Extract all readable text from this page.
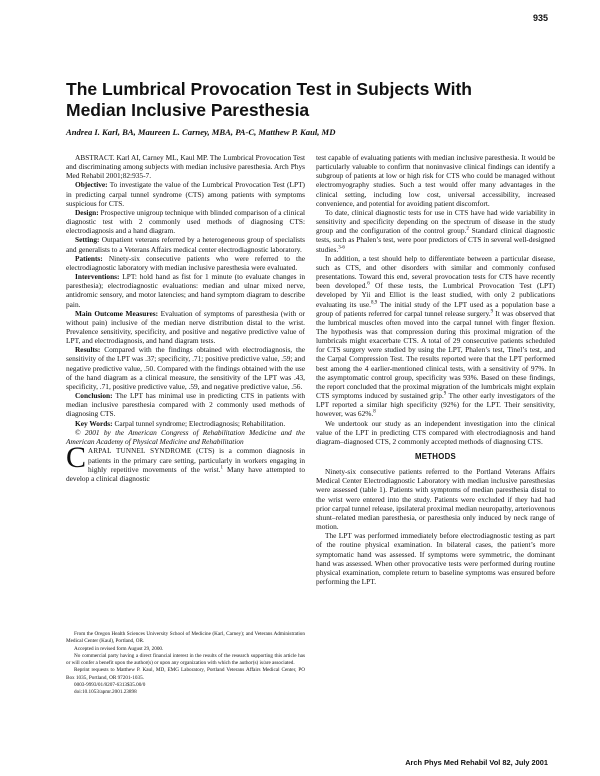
935
The Lumbrical Provocation Test in Subjects With
Median Inclusive Paresthesia
Andrea I. Karl, BA, Maureen L. Carney, MBA, PA-C, Matthew P. Kaul, MD

ABSTRACT. Karl AI, Carney ML, Kaul MP. The Lumbrical Provocation Test and discriminating among subjects with median inclusive paresthesia. Arch Phys Med Rehabil 2001;82:935-7.

Objective: To investigate the value of the Lumbrical Provocation Test (LPT) in predicting carpal tunnel syndrome (CTS) among patients with symptoms suspicious for CTS.

Design: Prospective unigroup technique with blinded comparison of a clinical diagnostic test with 2 commonly used methods of diagnosing CTS: electrodiagnosis and a hand diagram.

Setting: Outpatient veterans referred by a heterogeneous group of specialists and generalists to a Veterans Affairs medical center electrodiagnostic laboratory.

Patients: Ninety-six consecutive patients who were referred to the electrodiagnostic laboratory with median inclusive paresthesia were evaluated.

Interventions: LPT: hold hand as fist for 1 minute (to evaluate changes in paresthesia); electrodiagnostic evaluations: median and ulnar mixed nerve, antidromic sensory, and motor latencies; and hand symptom diagram to describe pain.

Main Outcome Measures: Evaluation of symptoms of paresthesia (with or without pain) inclusive of the median nerve distribution distal to the wrist. Prevalence sensitivity, specificity, and positive and negative predictive value of LPT, and electrodiagnosis, and hand diagram tests.

Results: Compared with the findings obtained with electrodiagnosis, the sensitivity of the LPT was .37; specificity, .71; positive predictive value, .59; and negative predictive value, .50. Compared with the findings obtained with the use of the hand diagram as a clinical measure, the sensitivity of the LPT was .43, specificity, .71, positive predictive value, .59, and negative predictive value, .56.

Conclusion: The LPT has minimal use in predicting CTS in patients with median inclusive paresthesia compared with 2 commonly used methods of diagnosing CTS.

Key Words: Carpal tunnel syndrome; Electrodiagnosis; Rehabilitation.

© 2001 by the American Congress of Rehabilitation Medicine and the American Academy of Physical Medicine and Rehabilitation

CARPAL TUNNEL SYNDROME (CTS) is a common diagnosis in patients in the primary care setting, particularly in workers engaging in highly repetitive movements of the wrist.$^1$ Many have attempted to develop a clinical diagnostic

test capable of evaluating patients with median inclusive paresthesia. It would be particularly valuable to confirm that noninvasive clinical findings can identify a subgroup of patients at low or high risk for CTS who could be managed without electromyography studies. Such a test would offer many advantages in the clinical setting, including low cost, universal accessibility, increased convenience, and potential for avoiding patient discomfort.

To date, clinical diagnostic tests for use in CTS have had wide variability in sensitivity and specificity depending on the spectrum of disease in the study group and the configuration of the control group.$^2$ Standard clinical diagnostic tests, such as Phalen’s test, were poor predictors of CTS in several well-designed studies.$^{3-6}$

In addition, a test should help to differentiate between a particular disease, such as CTS, and other disorders with similar and commonly confused presentations. Toward this end, several provocation tests for CTS have recently been developed.$^6$ Of these tests, the Lumbrical Provocation Test (LPT) developed by Yii and Elliot is the least studied, with only 2 publications evaluating its use.$^{8,9}$ The initial study of the LPT used as a population base a group of patients referred for carpal tunnel release surgery.$^9$ It was observed that the lumbrical muscles often moved into the carpal tunnel with finger flexion. The hypothesis was that compression during this proximal migration of the lumbricals might exacerbate CTS. A total of 29 consecutive patients scheduled for CTS surgery were studied by using the LPT, Phalen’s test, Tinel’s test, and the Carpal Compression Test. The results reported were that the LPT performed best among the 4 earlier-mentioned clinical tests, with a sensitivity of 97%. In the asymptomatic control group, specificity was 93%. Based on these findings, the report concluded that the proximal migration of the lumbricals might explain CTS symptoms induced by sustained grip.$^9$ The other early investigators of the LPT reported a similar high specificity (92%) for the LPT. Their sensitivity, however, was 62%.$^8$

We undertook our study as an independent investigation into the clinical value of the LPT in predicting CTS compared with electrodiagnosis and hand diagram–diagnosed CTS, 2 commonly accepted methods of diagnosing CTS.

METHODS

Ninety-six consecutive patients referred to the Portland Veterans Affairs Medical Center Electrodiagnostic Laboratory with median inclusive paresthesias were assessed (table 1). Patients with symptoms of median paresthesia distal to the wrist were entered into the study. Patients were excluded if they had had prior carpal tunnel release, ipsilateral proximal median neuropathy, arteriovenous shunt–related median paresthesia, or paresthesia only induced by neck range of motion.

The LPT was performed immediately before electrodiagnostic testing as part of the routine physical examination. In bilateral cases, the patient’s more symptomatic hand was assessed. If symptoms were symmetric, the dominant hand was assessed. When other provocative tests were performed during routine physical examination, complete return to baseline symptoms was ensured before performing the LPT.

From the Oregon Health Sciences University School of Medicine (Karl, Carney); and Veterans Administration Medical Center (Kaul), Portland, OR.

Accepted in revised form August 29, 2000.

No commercial party having a direct financial interest in the results of the research supporting this article has or will confer a benefit upon the author(s) or upon any organization with which the author(s) is/are associated.

Reprint requests to Matthew P. Kaul, MD, EMG Laboratory, Portland Veterans Affairs Medical Center, PO Box 1035, Portland, OR 97201-1035.

0003-9993/01/8207-6313$35.00/0

doi:10.1053/apmr.2001.23898

Arch Phys Med Rehabil Vol 82, July 2001
